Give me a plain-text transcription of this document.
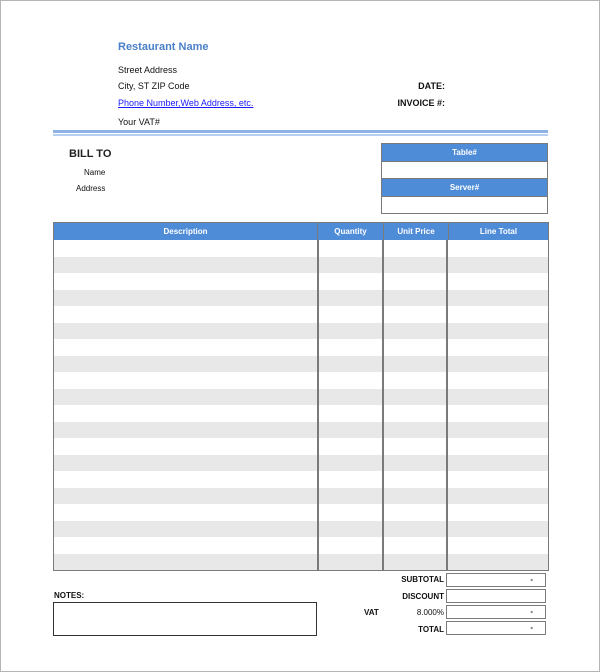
Restaurant Name
Street Address
City, ST ZIP Code
Phone Number,Web Address, etc.
Your VAT#
DATE:
INVOICE #:
BILL TO
Name
Address
Table#
Server#
Description	Quantity	Unit Price	Line Total
SUBTOTAL	-
DISCOUNT
VAT	8.000%	-
TOTAL	-
NOTES:
